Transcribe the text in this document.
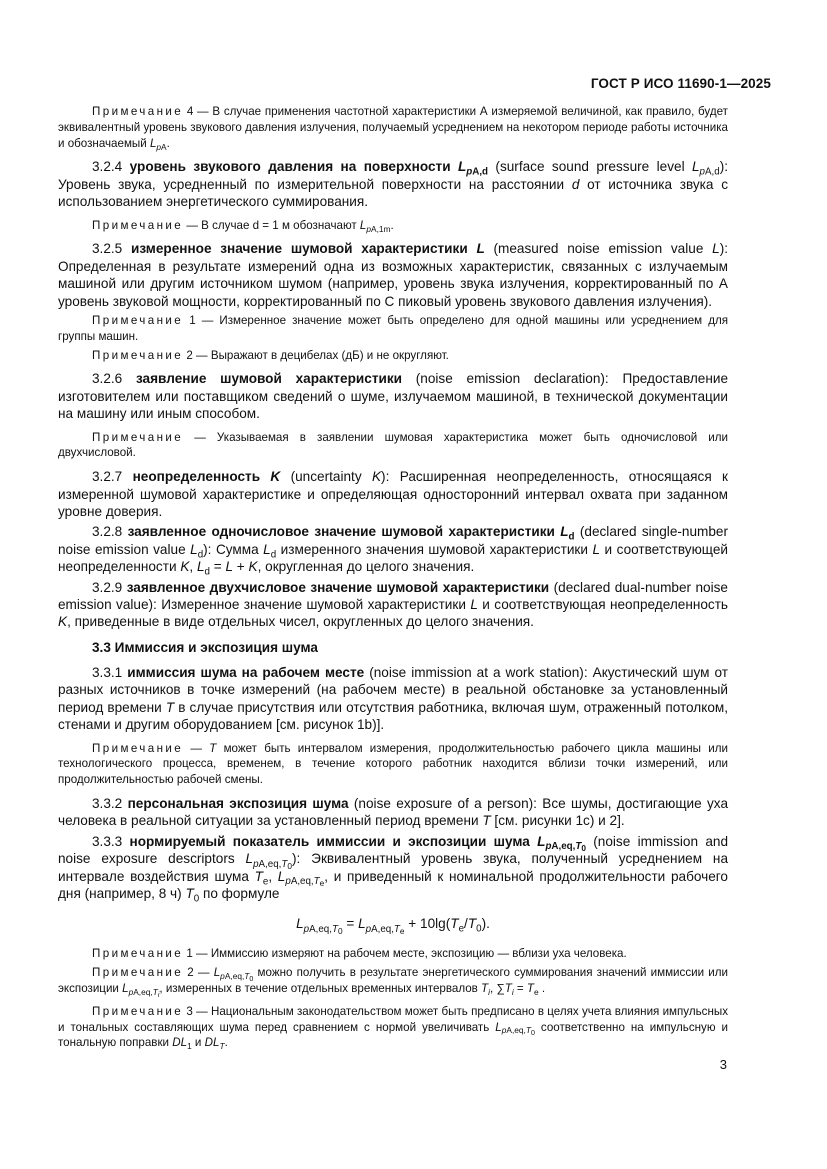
ГОСТ Р ИСО 11690-1—2025

Примечание 4 — В случае применения частотной характеристики А измеряемой величиной, как правило, будет эквивалентный уровень звукового давления излучения, получаемый усреднением на некотором периоде работы источника и обозначаемый $L_{pA}$.

3.2.4 уровень звукового давления на поверхности $L_{pA,d}$ (surface sound pressure level $L_{pA,d}$): Уровень звука, усредненный по измерительной поверхности на расстоянии d от источника звука с использованием энергетического суммирования.

Примечание — В случае d = 1 м обозначают $L_{pA,1m}$.

3.2.5 измеренное значение шумовой характеристики L (measured noise emission value L): Определенная в результате измерений одна из возможных характеристик, связанных с излучаемым машиной или другим источником шумом (например, уровень звука излучения, корректированный по А уровень звуковой мощности, корректированный по С пиковый уровень звукового давления излучения).

Примечание 1 — Измеренное значение может быть определено для одной машины или усреднением для группы машин.

Примечание 2 — Выражают в децибелах (дБ) и не округляют.

3.2.6 заявление шумовой характеристики (noise emission declaration): Предоставление изготовителем или поставщиком сведений о шуме, излучаемом машиной, в технической документации на машину или иным способом.

Примечание — Указываемая в заявлении шумовая характеристика может быть одночисловой или двухчисловой.

3.2.7 неопределенность K (uncertainty K): Расширенная неопределенность, относящаяся к измеренной шумовой характеристике и определяющая односторонний интервал охвата при заданном уровне доверия.

3.2.8 заявленное одночисловое значение шумовой характеристики $L_d$ (declared single-number noise emission value $L_d$): Сумма $L_d$ измеренного значения шумовой характеристики L и соответствующей неопределенности K, $L_d = L + K$, округленная до целого значения.

3.2.9 заявленное двухчисловое значение шумовой характеристики (declared dual-number noise emission value): Измеренное значение шумовой характеристики L и соответствующая неопределенность K, приведенные в виде отдельных чисел, округленных до целого значения.

3.3 Иммиссия и экспозиция шума

3.3.1 иммиссия шума на рабочем месте (noise immission at a work station): Акустический шум от разных источников в точке измерений (на рабочем месте) в реальной обстановке за установленный период времени T в случае присутствия или отсутствия работника, включая шум, отраженный потолком, стенами и другим оборудованием [см. рисунок 1b)].

Примечание — T может быть интервалом измерения, продолжительностью рабочего цикла машины или технологического процесса, временем, в течение которого работник находится вблизи точки измерений, или продолжительностью рабочей смены.

3.3.2 персональная экспозиция шума (noise exposure of a person): Все шумы, достигающие уха человека в реальной ситуации за установленный период времени T [см. рисунки 1с) и 2].

3.3.3 нормируемый показатель иммиссии и экспозиции шума $L_{pA,eq,T_0}$ (noise immission and noise exposure descriptors $L_{pA,eq,T_0}$): Эквивалентный уровень звука, полученный усреднением на интервале воздействия шума $T_e$, $L_{pA,eq,T_e}$, и приведенный к номинальной продолжительности рабочего дня (например, 8 ч) $T_0$ по формуле

$L_{pA,eq,T_0} = L_{pA,eq,T_e} + 10\lg(T_e/T_0)$.

Примечание 1 — Иммиссию измеряют на рабочем месте, экспозицию — вблизи уха человека.

Примечание 2 — $L_{pA,eq,T_0}$ можно получить в результате энергетического суммирования значений иммиссии или экспозиции $L_{pA,eq,T_i}$, измеренных в течение отдельных временных интервалов $T_i$, $\sum T_i = T_e$ .

Примечание 3 — Национальным законодательством может быть предписано в целях учета влияния импульсных и тональных составляющих шума перед сравнением с нормой увеличивать $L_{pA,eq,T_0}$ соответственно на импульсную и тональную поправки $DL_1$ и $DL_T$.

3
